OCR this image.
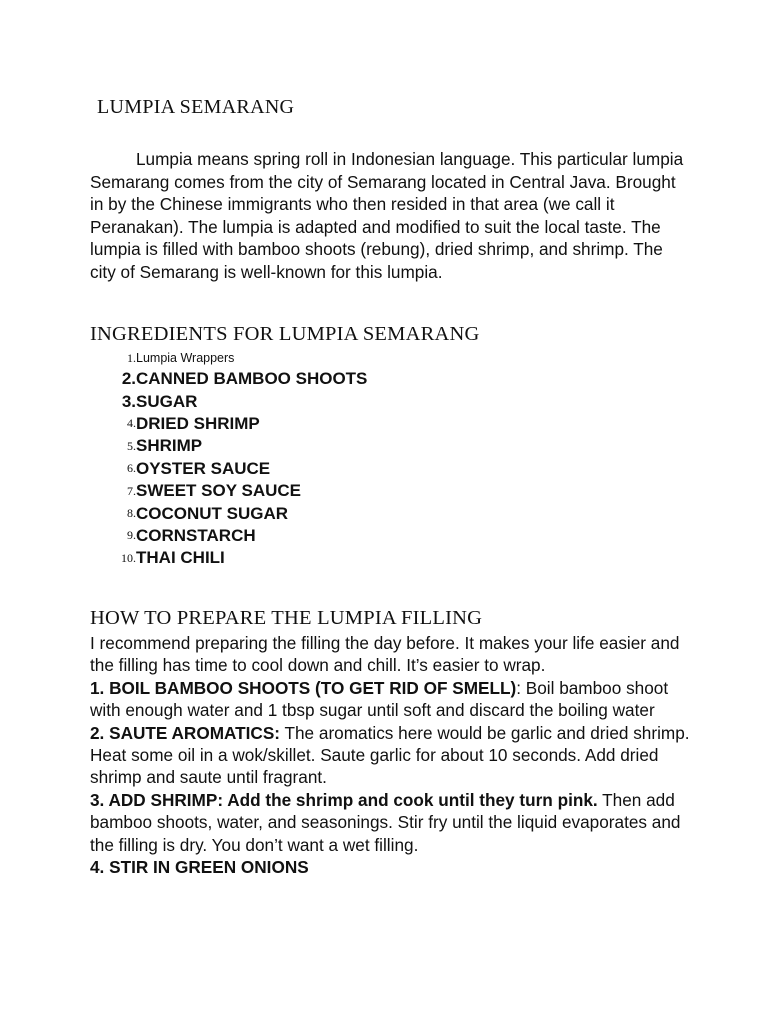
LUMPIA SEMARANG

Lumpia means spring roll in Indonesian language. This particular lumpia Semarang comes from the city of Semarang located in Central Java. Brought in by the Chinese immigrants who then resided in that area (we call it Peranakan). The lumpia is adapted and modified to suit the local taste. The lumpia is filled with bamboo shoots (rebung), dried shrimp, and shrimp. The city of Semarang is well-known for this lumpia.

INGREDIENTS FOR LUMPIA SEMARANG
1. Lumpia Wrappers
2. CANNED BAMBOO SHOOTS
3. SUGAR
4. DRIED SHRIMP
5. SHRIMP
6. OYSTER SAUCE
7. SWEET SOY SAUCE
8. COCONUT SUGAR
9. CORNSTARCH
10. THAI CHILI
HOW TO PREPARE THE LUMPIA FILLING

I recommend preparing the filling the day before. It makes your life easier and the filling has time to cool down and chill. It’s easier to wrap.

1. BOIL BAMBOO SHOOTS (TO GET RID OF SMELL): Boil bamboo shoot with enough water and 1 tbsp sugar until soft and discard the boiling water

2. SAUTE AROMATICS: The aromatics here would be garlic and dried shrimp. Heat some oil in a wok/skillet. Saute garlic for about 10 seconds. Add dried shrimp and saute until fragrant.

3. ADD SHRIMP: Add the shrimp and cook until they turn pink. Then add bamboo shoots, water, and seasonings. Stir fry until the liquid evaporates and the filling is dry. You don’t want a wet filling.

4. STIR IN GREEN ONIONS
